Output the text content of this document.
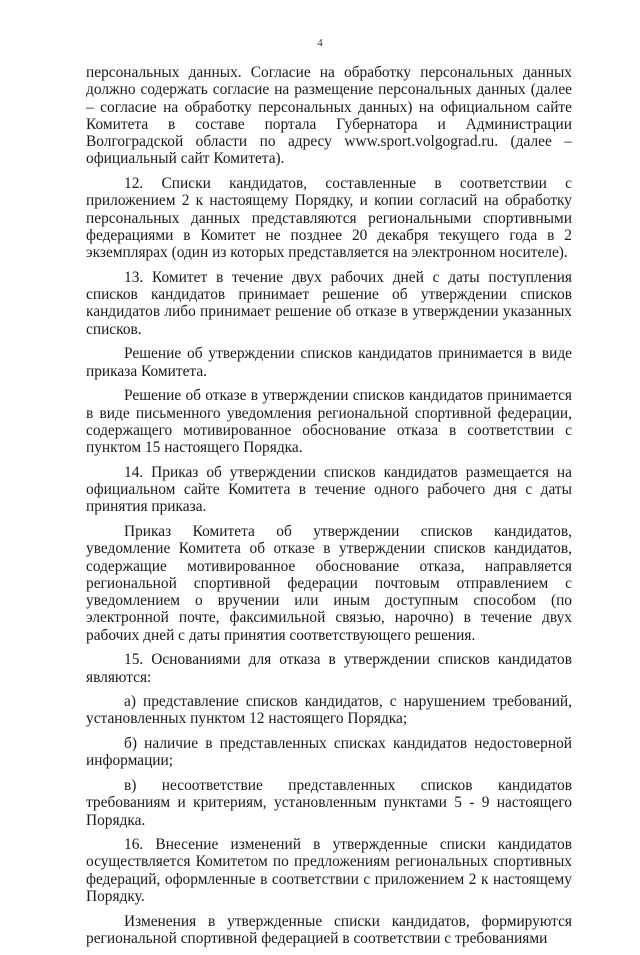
4

персональных данных. Согласие на обработку персональных данных должно содержать согласие на размещение персональных данных (далее – согласие на обработку персональных данных) на официальном сайте Комитета в составе портала Губернатора и Администрации Волгоградской области по адресу www.sport.volgograd.ru. (далее – официальный сайт Комитета).

12. Списки кандидатов, составленные в соответствии с приложением 2 к настоящему Порядку, и копии согласий на обработку персональных данных представляются региональными спортивными федерациями в Комитет не позднее 20 декабря текущего года в 2 экземплярах (один из которых представляется на электронном носителе).

13. Комитет в течение двух рабочих дней с даты поступления списков кандидатов принимает решение об утверждении списков кандидатов либо принимает решение об отказе в утверждении указанных списков.

Решение об утверждении списков кандидатов принимается в виде приказа Комитета.

Решение об отказе в утверждении списков кандидатов принимается в виде письменного уведомления региональной спортивной федерации, содержащего мотивированное обоснование отказа в соответствии с пунктом 15 настоящего Порядка.

14. Приказ об утверждении списков кандидатов размещается на официальном сайте Комитета в течение одного рабочего дня с даты принятия приказа.

Приказ Комитета об утверждении списков кандидатов, уведомление Комитета об отказе в утверждении списков кандидатов, содержащие мотивированное обоснование отказа, направляется региональной спортивной федерации почтовым отправлением с уведомлением о вручении или иным доступным способом (по электронной почте, факсимильной связью, нарочно) в течение двух рабочих дней с даты принятия соответствующего решения.

15. Основаниями для отказа в утверждении списков кандидатов являются:

а) представление списков кандидатов, с нарушением требований, установленных пунктом 12 настоящего Порядка;

б) наличие в представленных списках кандидатов недостоверной информации;

в) несоответствие представленных списков кандидатов требованиям и критериям, установленным пунктами 5 - 9 настоящего Порядка.

16. Внесение изменений в утвержденные списки кандидатов осуществляется Комитетом по предложениям региональных спортивных федераций, оформленные в соответствии с приложением 2 к настоящему Порядку.

Изменения в утвержденные списки кандидатов, формируются региональной спортивной федерацией в соответствии с требованиями
